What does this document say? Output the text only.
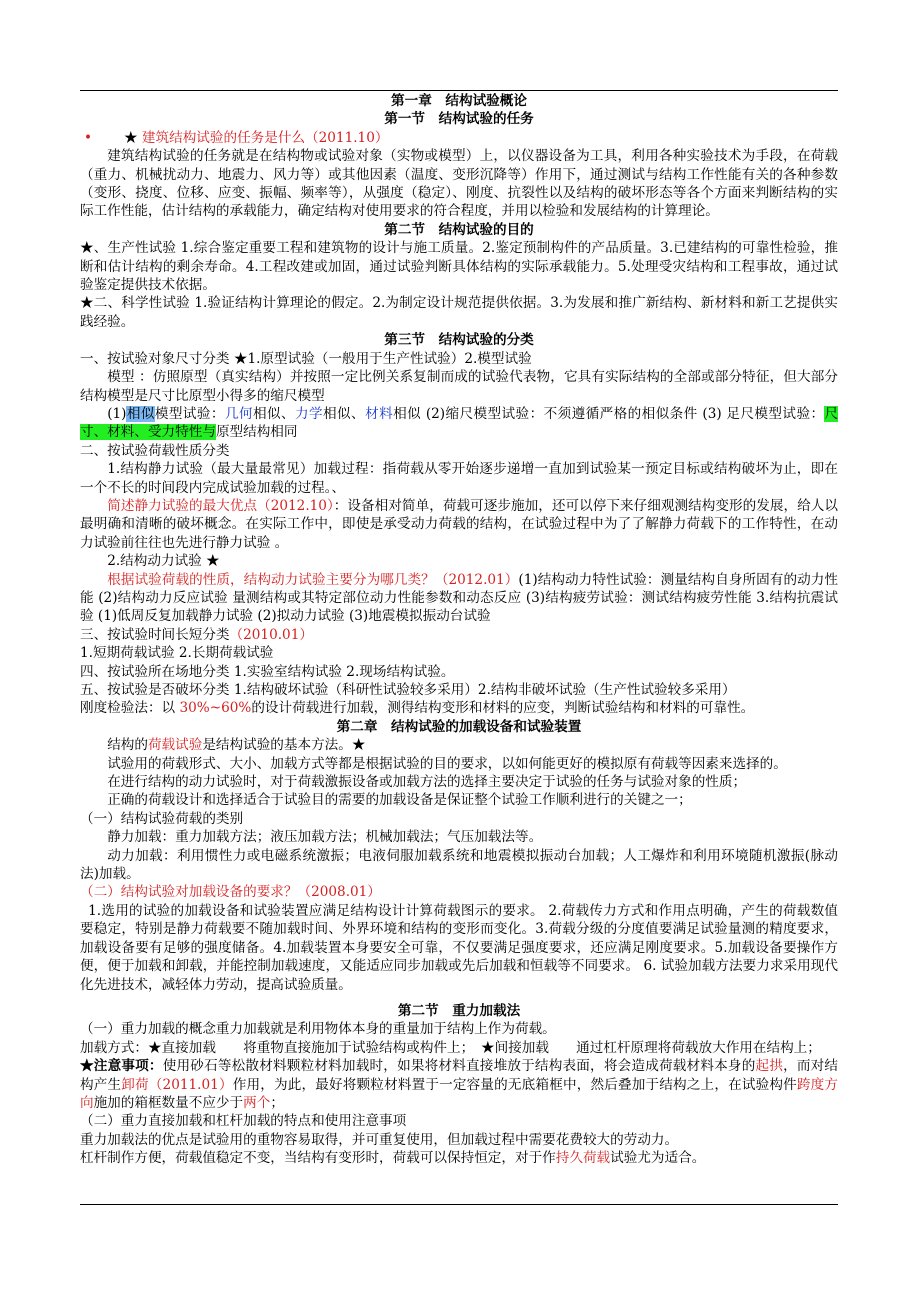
第一章　结构试验概论

第一节　结构试验的任务

• ★ 建筑结构试验的任务是什么（2011.10）

建筑结构试验的任务就是在结构物或试验对象（实物或模型）上，以仪器设备为工具，利用各种实验技术为手段，在荷载（重力、机械扰动力、地震力、风力等）或其他因素（温度、变形沉降等）作用下，通过测试与结构工作性能有关的各种参数（变形、挠度、位移、应变、振幅、频率等），从强度（稳定）、刚度、抗裂性以及结构的破坏形态等各个方面来判断结构的实际工作性能，估计结构的承载能力，确定结构对使用要求的符合程度，并用以检验和发展结构的计算理论。

第二节　结构试验的目的

★、生产性试验 1.综合鉴定重要工程和建筑物的设计与施工质量。2.鉴定预制构件的产品质量。3.已建结构的可靠性检验，推断和估计结构的剩余寿命。4.工程改建或加固，通过试验判断具体结构的实际承载能力。5.处理受灾结构和工程事故，通过试验鉴定提供技术依据。

★二、科学性试验 1.验证结构计算理论的假定。2.为制定设计规范提供依据。3.为发展和推广新结构、新材料和新工艺提供实践经验。

第三节　结构试验的分类

一、按试验对象尺寸分类 ★1.原型试验（一般用于生产性试验）2.模型试验

模型 ：仿照原型（真实结构）并按照一定比例关系复制而成的试验代表物，它具有实际结构的全部或部分特征，但大部分结构模型是尺寸比原型小得多的缩尺模型

(1)相似模型试验：几何相似、力学相似、材料相似 (2)缩尺模型试验：不须遵循严格的相似条件 (3) 足尺模型试验：尺寸、材料、受力特性与原型结构相同

二、按试验荷载性质分类

1.结构静力试验（最大量最常见）加载过程：指荷载从零开始逐步递增一直加到试验某一预定目标或结构破坏为止，即在一个不长的时间段内完成试验加载的过程。、

简述静力试验的最大优点（2012.10）：设备相对简单，荷载可逐步施加，还可以停下来仔细观测结构变形的发展，给人以最明确和清晰的破坏概念。在实际工作中，即使是承受动力荷载的结构，在试验过程中为了了解静力荷载下的工作特性，在动力试验前往往也先进行静力试验 。

2.结构动力试验 ★

根据试验荷载的性质，结构动力试验主要分为哪几类？（2012.01）(1)结构动力特性试验：测量结构自身所固有的动力性能 (2)结构动力反应试验 量测结构或其特定部位动力性能参数和动态反应 (3)结构疲劳试验：测试结构疲劳性能 3.结构抗震试验 (1)低周反复加载静力试验 (2)拟动力试验 (3)地震模拟振动台试验

三、按试验时间长短分类（2010.01）

1.短期荷载试验 2.长期荷载试验

四、按试验所在场地分类 1.实验室结构试验 2.现场结构试验。

五、按试验是否破坏分类 1.结构破坏试验（科研性试验较多采用）2.结构非破坏试验（生产性试验较多采用）

刚度检验法：以 30%~60%的设计荷载进行加载，测得结构变形和材料的应变，判断试验结构和材料的可靠性。

第二章　结构试验的加载设备和试验装置

结构的荷载试验是结构试验的基本方法。★

试验用的荷载形式、大小、加载方式等都是根据试验的目的要求，以如何能更好的模拟原有荷载等因素来选择的。

在进行结构的动力试验时，对于荷载激振设备或加载方法的选择主要决定于试验的任务与试验对象的性质；

正确的荷载设计和选择适合于试验目的需要的加载设备是保证整个试验工作顺利进行的关键之一；

（一）结构试验荷载的类别

静力加载：重力加载方法；液压加载方法；机械加载法；气压加载法等。

动力加载：利用惯性力或电磁系统激振；电液伺服加载系统和地震模拟振动台加载；人工爆炸和利用环境随机激振(脉动法)加载。

（二）结构试验对加载设备的要求？（2008.01）

1.选用的试验的加载设备和试验装置应满足结构设计计算荷载图示的要求。 2.荷载传力方式和作用点明确，产生的荷载数值要稳定，特别是静力荷载要不随加载时间、外界环境和结构的变形而变化。3.荷载分级的分度值要满足试验量测的精度要求，加载设备要有足够的强度储备。4.加载装置本身要安全可靠，不仅要满足强度要求，还应满足刚度要求。5.加载设备要操作方便，便于加载和卸载，并能控制加载速度，又能适应同步加载或先后加载和恒载等不同要求。 6. 试验加载方法要力求采用现代化先进技术，减轻体力劳动，提高试验质量。

第二节　重力加载法

（一）重力加载的概念重力加载就是利用物体本身的重量加于结构上作为荷载。

加载方式：★直接加载　　将重物直接施加于试验结构或构件上；　★间接加载　　通过杠杆原理将荷载放大作用在结构上；

★注意事项：使用砂石等松散材料颗粒材料加载时，如果将材料直接堆放于结构表面，将会造成荷载材料本身的起拱，而对结构产生卸荷（2011.01）作用，为此，最好将颗粒材料置于一定容量的无底箱框中，然后叠加于结构之上，在试验构件跨度方向施加的箱框数量不应少于两个；

（二）重力直接加载和杠杆加载的特点和使用注意事项

重力加载法的优点是试验用的重物容易取得，并可重复使用，但加载过程中需要花费较大的劳动力。

杠杆制作方便，荷载值稳定不变，当结构有变形时，荷载可以保持恒定，对于作持久荷载试验尤为适合。
